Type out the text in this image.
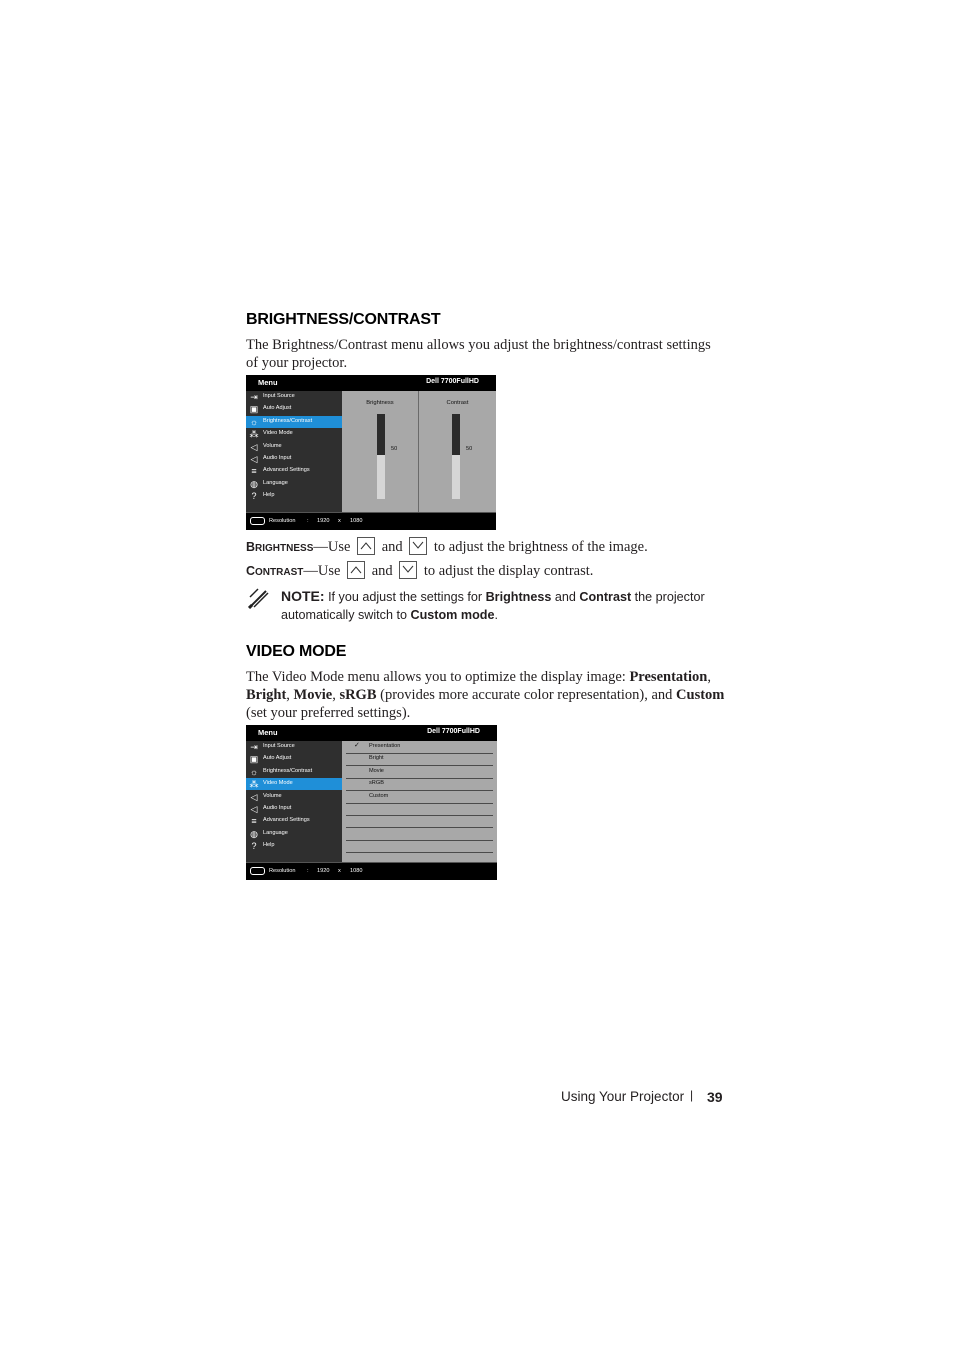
BRIGHTNESS/CONTRAST
The Brightness/Contrast menu allows you adjust the brightness/contrast settings
of your projector.
Menu	Dell 7700FullHD
⇥ Input Source
▣ Auto Adjust
☼ Brightness/Contrast
⁂ Video Mode
◁ Volume
◁ Audio Input
≡	Advanced Settings
◍ Language
?	Help
Brightness
50
Contrast
50
Resolution : 1920 x 1080
BRIGHTNESS—Use and to adjust the brightness of the image.
CONTRAST—Use and to adjust the display contrast.
NOTE: If you adjust the settings for Brightness and Contrast the projector
automatically switch to Custom mode.
VIDEO MODE
The Video Mode menu allows you to optimize the display image: Presentation,
Bright, Movie, sRGB (provides more accurate color representation), and Custom
(set your preferred settings).
Menu	Dell 7700FullHD
⇥ Input Source
▣ Auto Adjust
☼ Brightness/Contrast
⁂ Video Mode
◁ Volume
◁ Audio Input
≡	Advanced Settings
◍ Language
?	Help
✓ Presentation
Bright
Movie
sRGB
Custom
Resolution : 1920 x 1080
Using Your Projector | 39
